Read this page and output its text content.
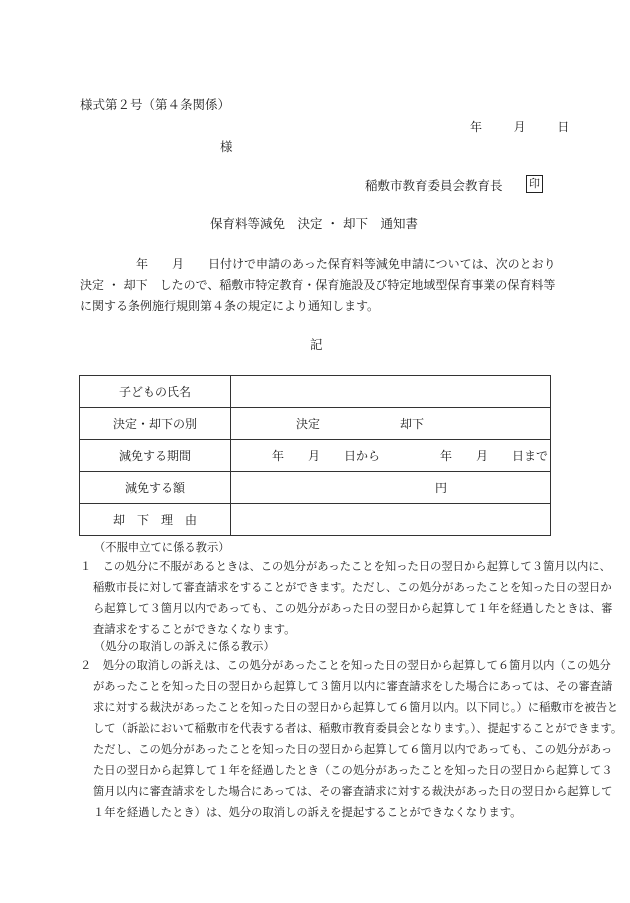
様式第２号（第４条関係）
年	月	日
様
稲敷市教育委員会教育長 印
保育料等減免　決定 ・ 却下　通知書

年　　月　　日付けで申請のあった保育料等減免申請については、次のとおり

決定 ・ 却下　したので、稲敷市特定教育・保育施設及び特定地域型保育事業の保育料等

に関する条例施行規則第４条の規定により通知します。

記
子どもの氏名	
決定・却下の別	決定 却下
減免する期間	年　　月　　日から　　　　　年　　月　　日まで
減免する額	円
却　下　理　由	

（不服申立てに係る教示）

１　この処分に不服があるときは、この処分があったことを知った日の翌日から起算して３箇月以内に、

稲敷市長に対して審査請求をすることができます。ただし、この処分があったことを知った日の翌日か

ら起算して３箇月以内であっても、この処分があった日の翌日から起算して１年を経過したときは、審

査請求をすることができなくなります。

（処分の取消しの訴えに係る教示）

２　処分の取消しの訴えは、この処分があったことを知った日の翌日から起算して６箇月以内（この処分

があったことを知った日の翌日から起算して３箇月以内に審査請求をした場合にあっては、その審査請

求に対する裁決があったことを知った日の翌日から起算して６箇月以内。以下同じ。）に稲敷市を被告と

して（訴訟において稲敷市を代表する者は、稲敷市教育委員会となります。）、提起することができます。

ただし、この処分があったことを知った日の翌日から起算して６箇月以内であっても、この処分があっ

た日の翌日から起算して１年を経過したとき（この処分があったことを知った日の翌日から起算して３

箇月以内に審査請求をした場合にあっては、その審査請求に対する裁決があった日の翌日から起算して

１年を経過したとき）は、処分の取消しの訴えを提起することができなくなります。
